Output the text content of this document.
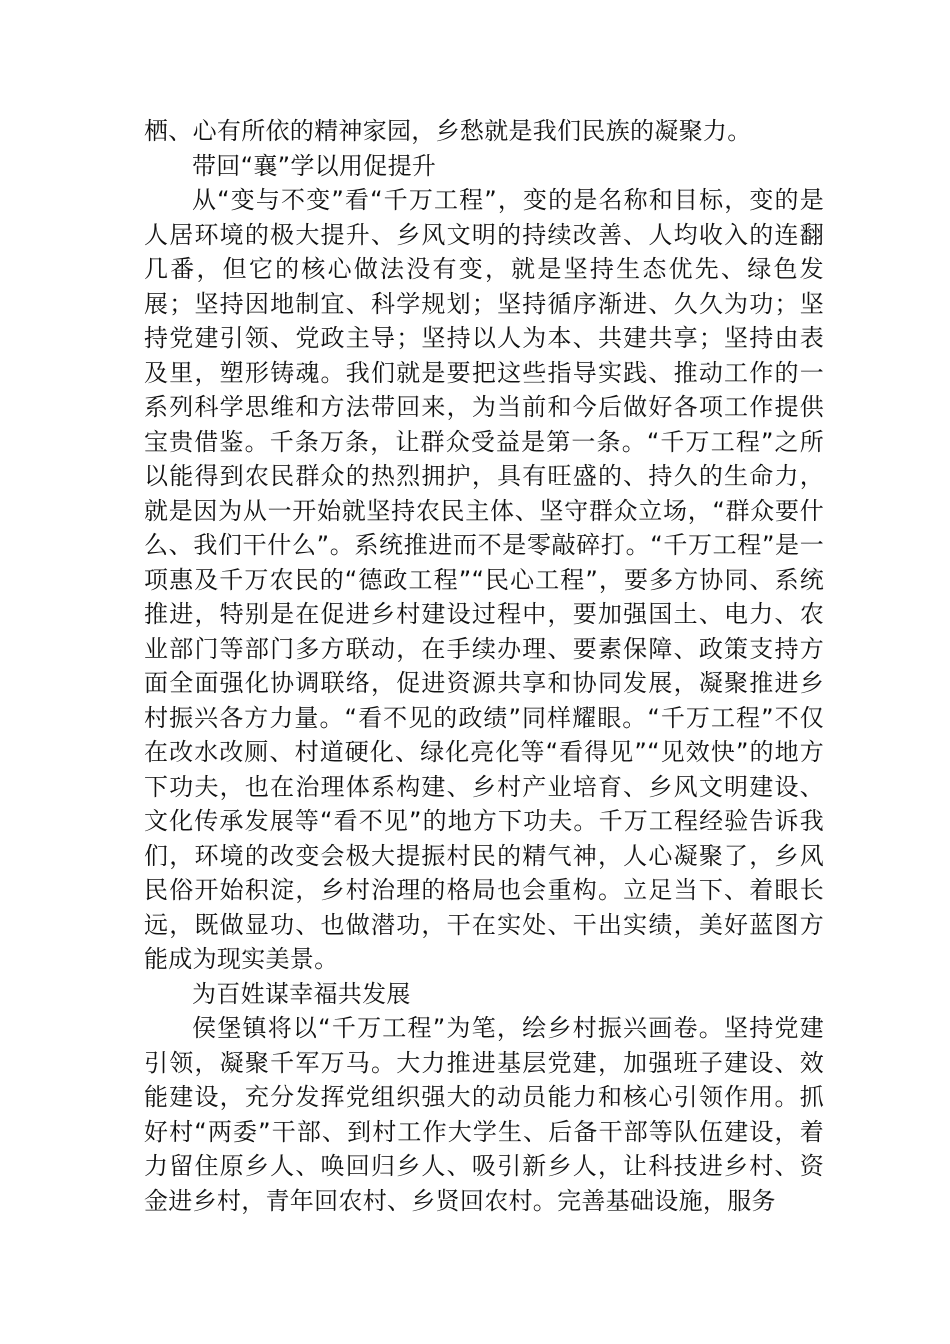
栖、心有所依的精神家园，乡愁就是我们民族的凝聚力。

带回“襄”学以用促提升

从“变与不变”看“千万工程”，变的是名称和目标，变的是人居环境的极大提升、乡风文明的持续改善、人均收入的连翻几番，但它的核心做法没有变，就是坚持生态优先、绿色发展；坚持因地制宜、科学规划；坚持循序渐进、久久为功；坚持党建引领、党政主导；坚持以人为本、共建共享；坚持由表及里，塑形铸魂。我们就是要把这些指导实践、推动工作的一系列科学思维和方法带回来，为当前和今后做好各项工作提供宝贵借鉴。千条万条，让群众受益是第一条。“千万工程”之所以能得到农民群众的热烈拥护，具有旺盛的、持久的生命力，就是因为从一开始就坚持农民主体、坚守群众立场，“群众要什么、我们干什么”。系统推进而不是零敲碎打。“千万工程”是一项惠及千万农民的“德政工程”“民心工程”，要多方协同、系统推进，特别是在促进乡村建设过程中，要加强国土、电力、农业部门等部门多方联动，在手续办理、要素保障、政策支持方面全面强化协调联络，促进资源共享和协同发展，凝聚推进乡村振兴各方力量。“看不见的政绩”同样耀眼。“千万工程”不仅在改水改厕、村道硬化、绿化亮化等“看得见”“见效快”的地方下功夫，也在治理体系构建、乡村产业培育、乡风文明建设、文化传承发展等“看不见”的地方下功夫。千万工程经验告诉我们，环境的改变会极大提振村民的精气神，人心凝聚了，乡风民俗开始积淀，乡村治理的格局也会重构。立足当下、着眼长远，既做显功、也做潜功，干在实处、干出实绩，美好蓝图方能成为现实美景。

为百姓谋幸福共发展

侯堡镇将以“千万工程”为笔，绘乡村振兴画卷。坚持党建引领，凝聚千军万马。大力推进基层党建，加强班子建设、效能建设，充分发挥党组织强大的动员能力和核心引领作用。抓好村“两委”干部、到村工作大学生、后备干部等队伍建设，着力留住原乡人、唤回归乡人、吸引新乡人，让科技进乡村、资金进乡村，青年回农村、乡贤回农村。完善基础设施，服务
